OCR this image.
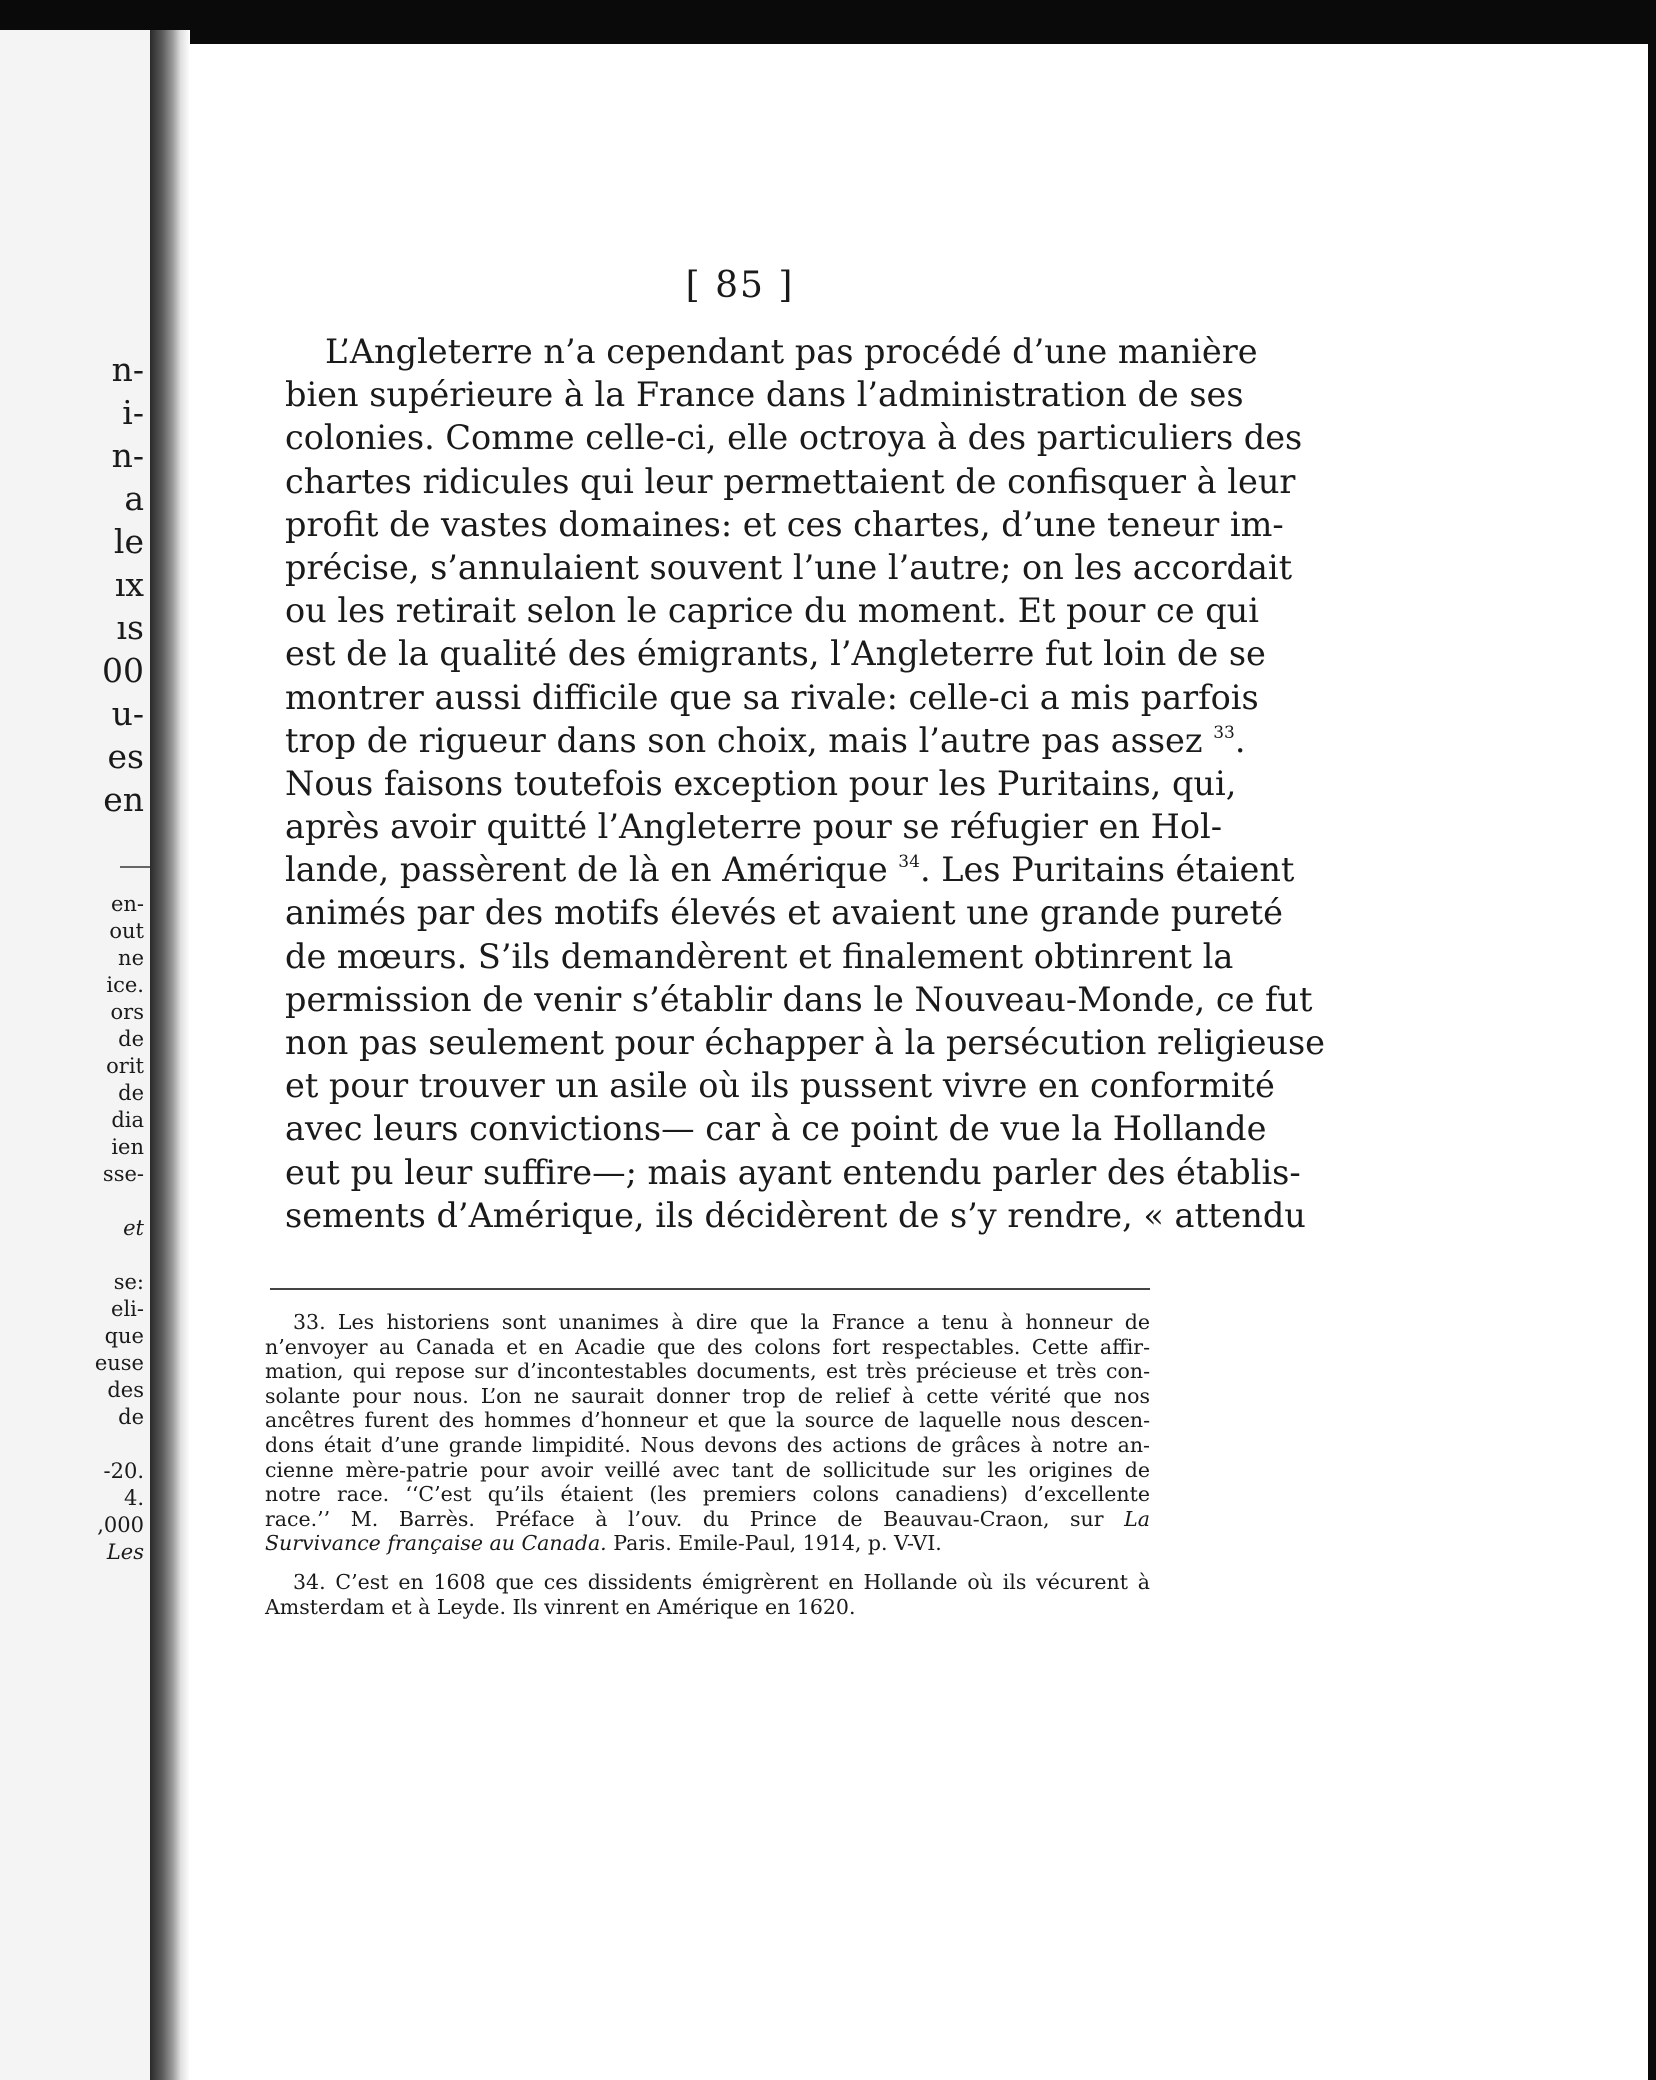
n-
i-
n-
a
le
ıx
ıs
00
u-
es
en
en-
out
ne
ice.
ors
de
orit
de
dia
ien
sse-
et
se:
eli-
que
euse
des
de
-20.
4.
,000
Les
[ 85 ]
L’Angleterre n’a cependant pas procédé d’une manière
bien supérieure à la France dans l’administration de ses
colonies. Comme celle-ci, elle octroya à des particuliers des
chartes ridicules qui leur permettaient de confisquer à leur
profit de vastes domaines: et ces chartes, d’une teneur im-
précise, s’annulaient souvent l’une l’autre; on les accordait
ou les retirait selon le caprice du moment. Et pour ce qui
est de la qualité des émigrants, l’Angleterre fut loin de se
montrer aussi difficile que sa rivale: celle-ci a mis parfois
trop de rigueur dans son choix, mais l’autre pas assez $^{33}$.
Nous faisons toutefois exception pour les Puritains, qui,
après avoir quitté l’Angleterre pour se réfugier en Hol-
lande, passèrent de là en Amérique $^{34}$. Les Puritains étaient
animés par des motifs élevés et avaient une grande pureté
de mœurs. S’ils demandèrent et finalement obtinrent la
permission de venir s’établir dans le Nouveau-Monde, ce fut
non pas seulement pour échapper à la persécution religieuse
et pour trouver un asile où ils pussent vivre en conformité
avec leurs convictions— car à ce point de vue la Hollande
eut pu leur suffire—; mais ayant entendu parler des établis-
sements d’Amérique, ils décidèrent de s’y rendre, « attendu
33. Les historiens sont unanimes à dire que la France a tenu à honneur de
n’envoyer au Canada et en Acadie que des colons fort respectables. Cette affir-
mation, qui repose sur d’incontestables documents, est très précieuse et très con-
solante pour nous. L’on ne saurait donner trop de relief à cette vérité que nos
ancêtres furent des hommes d’honneur et que la source de laquelle nous descen-
dons était d’une grande limpidité. Nous devons des actions de grâces à notre an-
cienne mère-patrie pour avoir veillé avec tant de sollicitude sur les origines de
notre race. ‘‘C’est qu’ils étaient (les premiers colons canadiens) d’excellente
race.’’ M. Barrès. Préface à l’ouv. du Prince de Beauvau-Craon, sur La
Survivance française au Canada. Paris. Emile-Paul, 1914, p. V-VI.
34. C’est en 1608 que ces dissidents émigrèrent en Hollande où ils vécurent à
Amsterdam et à Leyde. Ils vinrent en Amérique en 1620.
